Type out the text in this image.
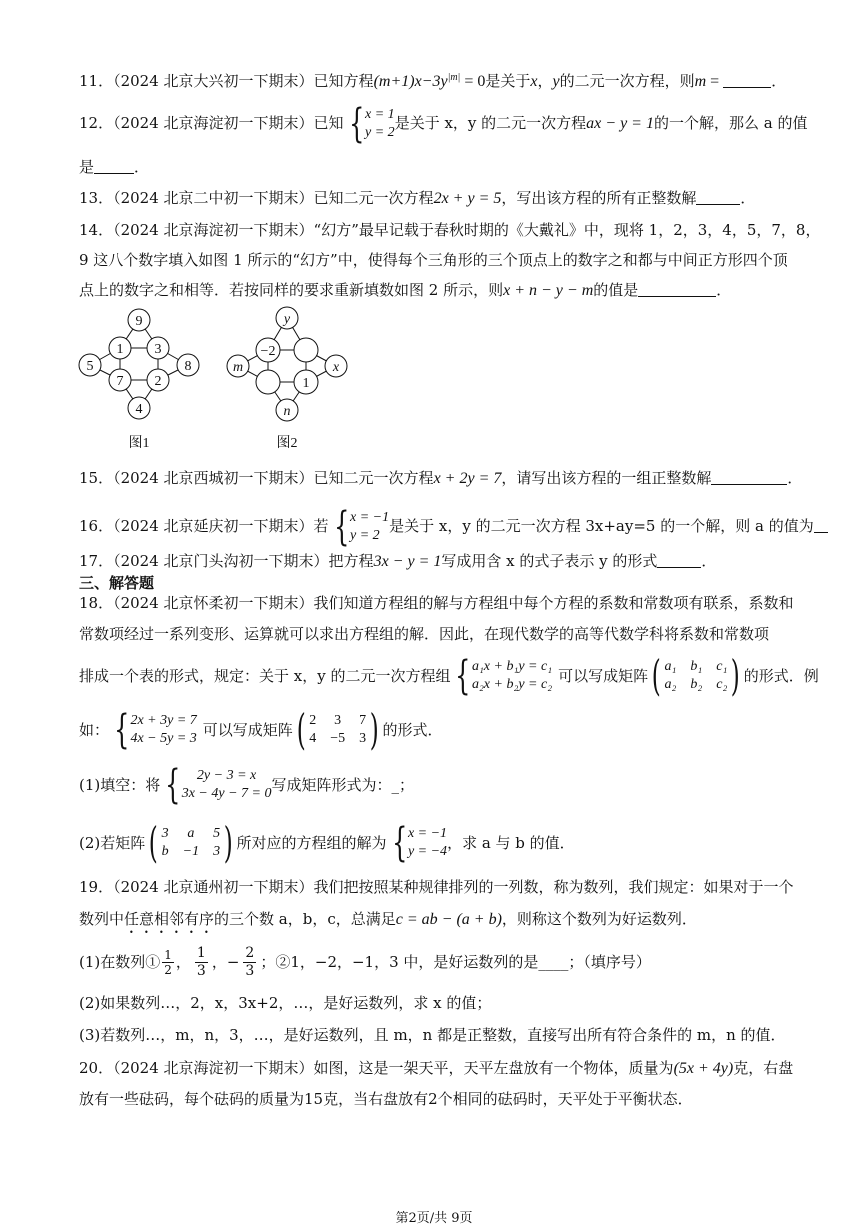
11．（2024 北京大兴初一下期末）已知方程$(m+1)x-3y^{|m|} = 0$是关于x，y的二元一次方程，则m =	．
12．（2024 北京海淀初一下期末）已知 { x = 1
y = 2
是关于 x，y 的二元一次方程ax − y = 1的一个解，那么 a 的值
是	．
13．（2024 北京二中初一下期末）已知二元一次方程2x + y = 5，写出该方程的所有正整数解	．
14．（2024 北京海淀初一下期末）“幻方”最早记载于春秋时期的《大戴礼》中，现将 1，2，3，4，5，7，8，
9 这八个数字填入如图 1 所示的“幻方”中，使得每个三角形的三个顶点上的数字之和都与中间正方形四个顶
点上的数字之和相等．若按同样的要求重新填数如图 2 所示，则x + n − y − m的值是	．
9
1 3
7 2
5	8
4
图1
y
−2
1
m	x
n
图2
15．（2024 北京西城初一下期末）已知二元一次方程x + 2y = 7，请写出该方程的一组正整数解	．
16．（2024 北京延庆初一下期末）若 { x = −1
y = 2
是关于 x，y 的二元一次方程 3x+ay=5 的一个解，则 a 的值为
17．（2024 北京门头沟初一下期末）把方程3x − y = 1写成用含 x 的式子表示 y 的形式	．
三、解答题
18．（2024 北京怀柔初一下期末）我们知道方程组的解与方程组中每个方程的系数和常数项有联系，系数和
常数项经过一系列变形、运算就可以求出方程组的解．因此，在现代数学的高等代数学科将系数和常数项
排成一个表的形式，规定：关于 x，y 的二元一次方程组 { a₁x + b₁y = c₁
a₂x + b₂y = c₂ 可以写成矩阵 ( a₁ b₁ c₁
a₂ b₂ c₂ ) 的形式．例
如： { 2x + 3y = 7
4x − 5y = 3 可以写成矩阵 ( 2 3 7
4 −5 3 ) 的形式．
(1)填空：将 {	2y − 3 = x
3x − 4y − 7 = 0 写成矩阵形式为：_；
(2)若矩阵 ( 3	a	5
b −1 3 ) 所对应的方程组的解为 { x = −1
y = −4 ，求 a 与 b 的值．
19．（2024 北京通州初一下期末）我们把按照某种规律排列的一列数，称为数列，我们规定：如果对于一个
数列中任意相邻有序的三个数 a，b，c，总满足c = ab − (a + b)，则称这个数列为好运数列．
(1)在数列① $\frac{1}{2}$ ， $\frac{1}{3}$ ，− $\frac{2}{3}$ ；②1，−2，−1，3 中，是好运数列的是____；（填序号）
(2)如果数列…，2，x，3x+2，…，是好运数列，求 x 的值；
(3)若数列…，m，n，3，…，是好运数列，且 m，n 都是正整数，直接写出所有符合条件的 m，n 的值．
20．（2024 北京海淀初一下期末）如图，这是一架天平，天平左盘放有一个物体，质量为(5x + 4y)克，右盘
放有一些砝码，每个砝码的质量为15克，当右盘放有2个相同的砝码时，天平处于平衡状态．
第2页/共 9页
